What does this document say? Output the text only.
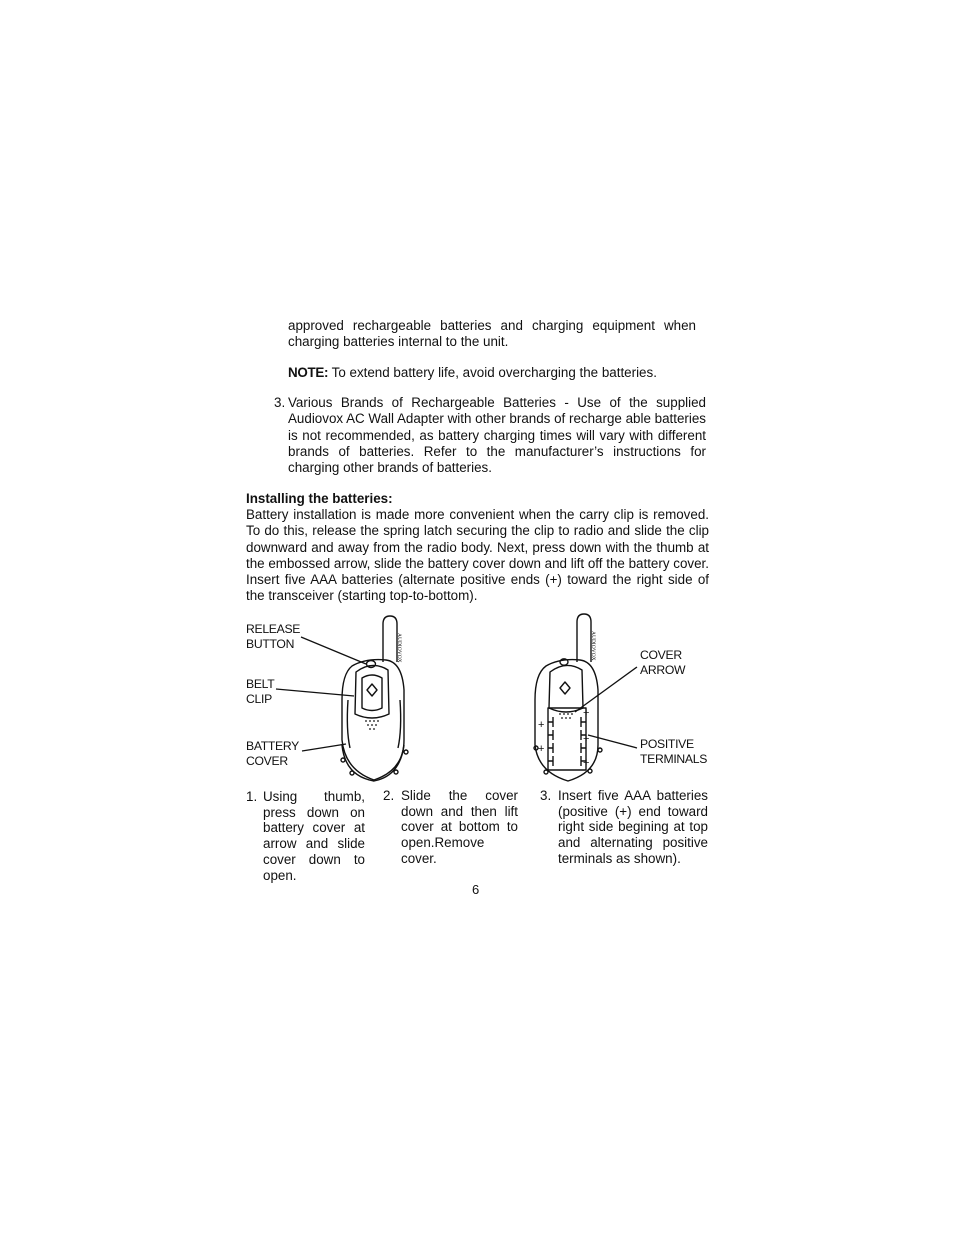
approved rechargeable batteries and charging equipment when charging batteries internal to the unit.
NOTE: To extend battery life, avoid overcharging the batteries.
3. Various Brands of Rechargeable Batteries - Use of the supplied Audiovox AC Wall Adapter with other brands of recharge able batteries is not recommended, as battery charging times will vary with different brands of batteries. Refer to the manufacturer’s instructions for charging other brands of batteries.
Installing the batteries:
Battery installation is made more convenient when the carry clip is removed. To do this, release the spring latch securing the clip to radio and slide the clip downward and away from the radio body. Next, press down with the thumb at the embossed arrow, slide the battery cover down and lift off the battery cover. Insert five AAA batteries (alternate positive ends (+) toward the right side of the transceiver (starting top-to-bottom).
AUDIOVOX
+
+
+
+
+
AUDIOVOX
RELEASE
BUTTON
BELT
CLIP
BATTERY
COVER
COVER
ARROW
POSITIVE
TERMINALS
1. Using thumb, press down on battery cover at arrow and slide cover down to open.
2. Slide the cover down and then lift cover at bottom to open.Remove cover.
3. Insert five AAA batteries (positive (+) end toward right side begining at top and alternating positive terminals as shown).
6
